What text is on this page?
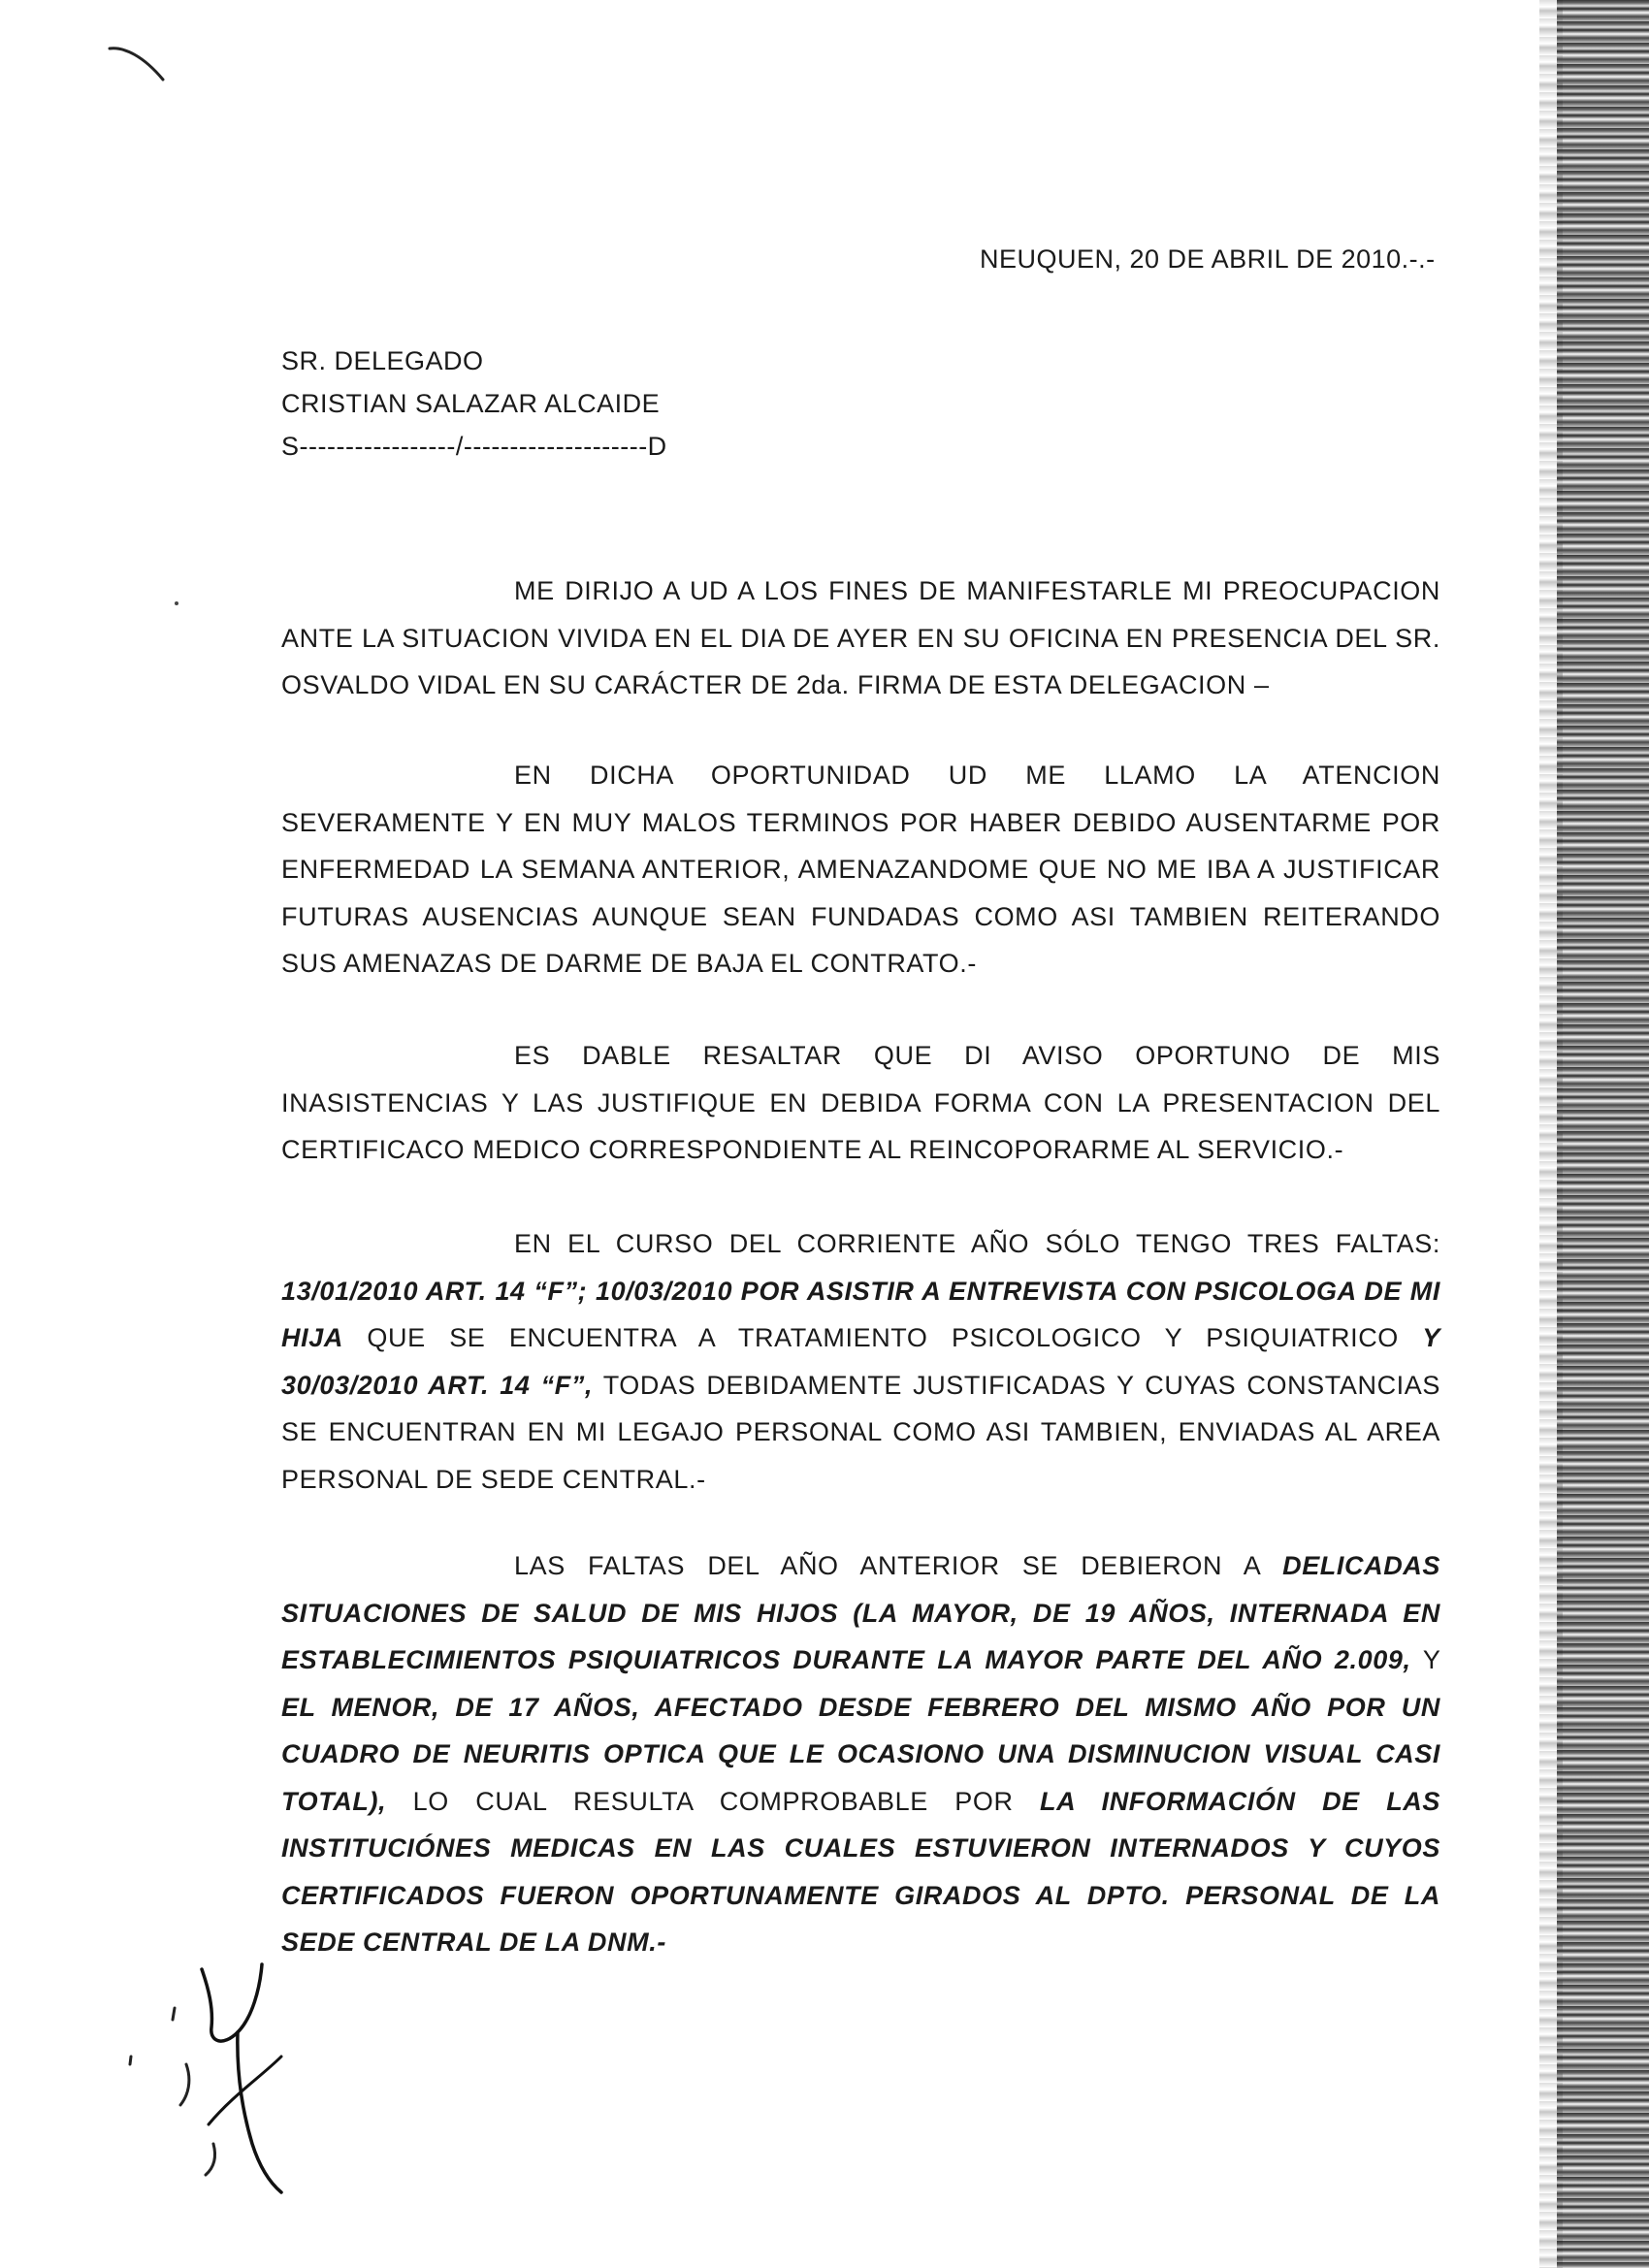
NEUQUEN, 20 DE ABRIL DE 2010.-.-
SR. DELEGADO
CRISTIAN SALAZAR ALCAIDE
S-----------------/--------------------D
ME DIRIJO A UD A LOS FINES DE MANIFESTARLE MI PREOCUPACION ANTE LA SITUACION VIVIDA EN EL DIA DE AYER EN SU OFICINA EN PRESENCIA DEL SR. OSVALDO VIDAL EN SU CARÁCTER DE 2da. FIRMA DE ESTA DELEGACION –
EN DICHA OPORTUNIDAD UD ME LLAMO LA ATENCION SEVERAMENTE Y EN MUY MALOS TERMINOS POR HABER DEBIDO AUSENTARME POR ENFERMEDAD LA SEMANA ANTERIOR, AMENAZANDOME QUE NO ME IBA A JUSTIFICAR FUTURAS AUSENCIAS AUNQUE SEAN FUNDADAS COMO ASI TAMBIEN REITERANDO SUS AMENAZAS DE DARME DE BAJA EL CONTRATO.-
ES DABLE RESALTAR QUE DI AVISO OPORTUNO DE MIS INASISTENCIAS Y LAS JUSTIFIQUE EN DEBIDA FORMA CON LA PRESENTACION DEL CERTIFICACO MEDICO CORRESPONDIENTE AL REINCOPORARME AL SERVICIO.-
EN EL CURSO DEL CORRIENTE AÑO SÓLO TENGO TRES FALTAS: 13/01/2010 ART. 14 “F”; 10/03/2010 POR ASISTIR A ENTREVISTA CON PSICOLOGA DE MI HIJA QUE SE ENCUENTRA A TRATAMIENTO PSICOLOGICO Y PSIQUIATRICO Y 30/03/2010 ART. 14 “F”, TODAS DEBIDAMENTE JUSTIFICADAS Y CUYAS CONSTANCIAS SE ENCUENTRAN EN MI LEGAJO PERSONAL COMO ASI TAMBIEN, ENVIADAS AL AREA PERSONAL DE SEDE CENTRAL.-
LAS FALTAS DEL AÑO ANTERIOR SE DEBIERON A DELICADAS SITUACIONES DE SALUD DE MIS HIJOS (LA MAYOR, DE 19 AÑOS, INTERNADA EN ESTABLECIMIENTOS PSIQUIATRICOS DURANTE LA MAYOR PARTE DEL AÑO 2.009, Y EL MENOR, DE 17 AÑOS, AFECTADO DESDE FEBRERO DEL MISMO AÑO POR UN CUADRO DE NEURITIS OPTICA QUE LE OCASIONO UNA DISMINUCION VISUAL CASI TOTAL), LO CUAL RESULTA COMPROBABLE POR LA INFORMACIÓN DE LAS INSTITUCIÓNES MEDICAS EN LAS CUALES ESTUVIERON INTERNADOS Y CUYOS CERTIFICADOS FUERON OPORTUNAMENTE GIRADOS AL DPTO. PERSONAL DE LA SEDE CENTRAL DE LA DNM.-
